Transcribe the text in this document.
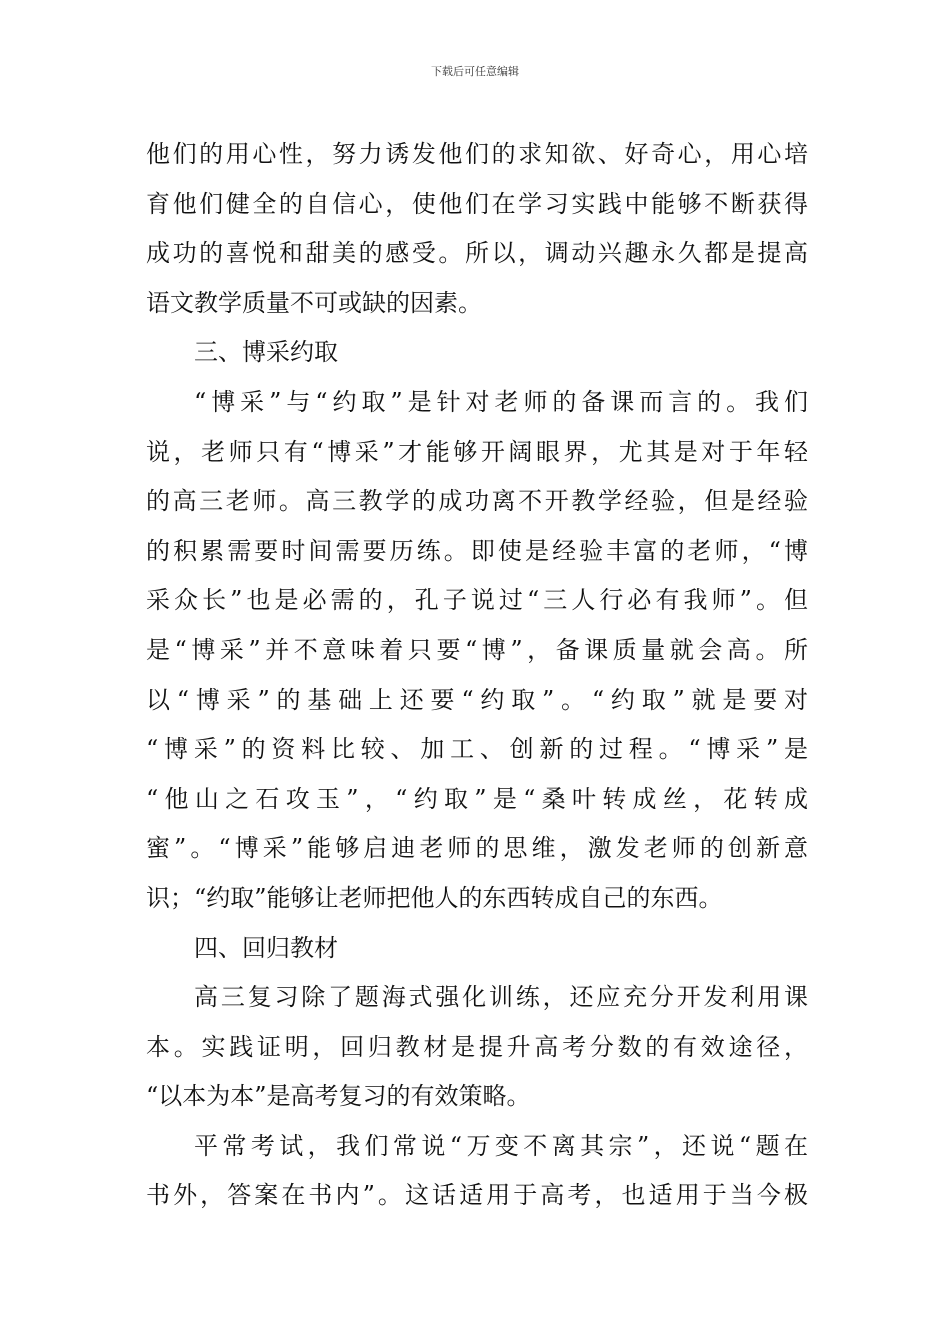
下载后可任意编辑
他们的用心性，努力诱发他们的求知欲、好奇心，用心培
育他们健全的自信心，使他们在学习实践中能够不断获得
成功的喜悦和甜美的感受。所以，调动兴趣永久都是提高
语文教学质量不可或缺的因素。
三、博采约取
“博采”与“约取”是针对老师的备课而言的。我们
说，老师只有“博采”才能够开阔眼界，尤其是对于年轻
的高三老师。高三教学的成功离不开教学经验，但是经验
的积累需要时间需要历练。即使是经验丰富的老师，“博
采众长”也是必需的，孔子说过“三人行必有我师”。但
是“博采”并不意味着只要“博”，备课质量就会高。所
以“博采”的基础上还要“约取”。“约取”就是要对
“博采”的资料比较、加工、创新的过程。“博采”是
“他山之石攻玉”，“约取”是“桑叶转成丝，花转成
蜜”。“博采”能够启迪老师的思维，激发老师的创新意
识；“约取”能够让老师把他人的东西转成自己的东西。
四、回归教材
高三复习除了题海式强化训练，还应充分开发利用课
本。实践证明，回归教材是提升高考分数的有效途径，
“以本为本”是高考复习的有效策略。
平常考试，我们常说“万变不离其宗”，还说“题在
书外，答案在书内”。这话适用于高考，也适用于当今极
